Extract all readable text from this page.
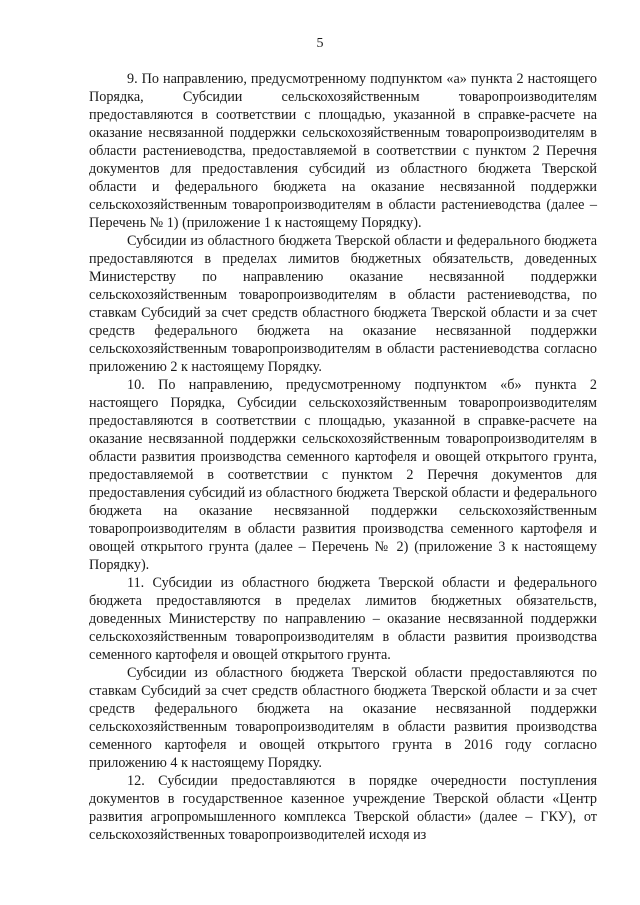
5

9. По направлению, предусмотренному подпунктом «а» пункта 2 настоящего Порядка, Субсидии сельскохозяйственным товаропроизводителям предоставляются в соответствии с площадью, указанной в справке-расчете на оказание несвязанной поддержки сельскохозяйственным товаропроизводителям в области растениеводства, предоставляемой в соответствии с пунктом 2 Перечня документов для предоставления субсидий из областного бюджета Тверской области и федерального бюджета на оказание несвязанной поддержки сельскохозяйственным товаропроизводителям в области растениеводства (далее – Перечень № 1) (приложение 1 к настоящему Порядку).

Субсидии из областного бюджета Тверской области и федерального бюджета предоставляются в пределах лимитов бюджетных обязательств, доведенных Министерству по направлению оказание несвязанной поддержки сельскохозяйственным товаропроизводителям в области растениеводства, по ставкам Субсидий за счет средств областного бюджета Тверской области и за счет средств федерального бюджета на оказание несвязанной поддержки сельскохозяйственным товаропроизводителям в области растениеводства согласно приложению 2 к настоящему Порядку.

10. По направлению, предусмотренному подпунктом «б» пункта 2 настоящего Порядка, Субсидии сельскохозяйственным товаропроизводителям предоставляются в соответствии с площадью, указанной в справке-расчете на оказание несвязанной поддержки сельскохозяйственным товаропроизводителям в области развития производства семенного картофеля и овощей открытого грунта, предоставляемой в соответствии с пунктом 2 Перечня документов для предоставления субсидий из областного бюджета Тверской области и федерального бюджета на оказание несвязанной поддержки сельскохозяйственным товаропроизводителям в области развития производства семенного картофеля и овощей открытого грунта (далее – Перечень № 2) (приложение 3 к настоящему Порядку).

11. Субсидии из областного бюджета Тверской области и федерального бюджета предоставляются в пределах лимитов бюджетных обязательств, доведенных Министерству по направлению – оказание несвязанной поддержки сельскохозяйственным товаропроизводителям в области развития производства семенного картофеля и овощей открытого грунта.

Субсидии из областного бюджета Тверской области предоставляются по ставкам Субсидий за счет средств областного бюджета Тверской области и за счет средств федерального бюджета на оказание несвязанной поддержки сельскохозяйственным товаропроизводителям в области развития производства семенного картофеля и овощей открытого грунта в 2016 году согласно приложению 4 к настоящему Порядку.

12. Субсидии предоставляются в порядке очередности поступления документов в государственное казенное учреждение Тверской области «Центр развития агропромышленного комплекса Тверской области» (далее – ГКУ), от сельскохозяйственных товаропроизводителей исходя из
